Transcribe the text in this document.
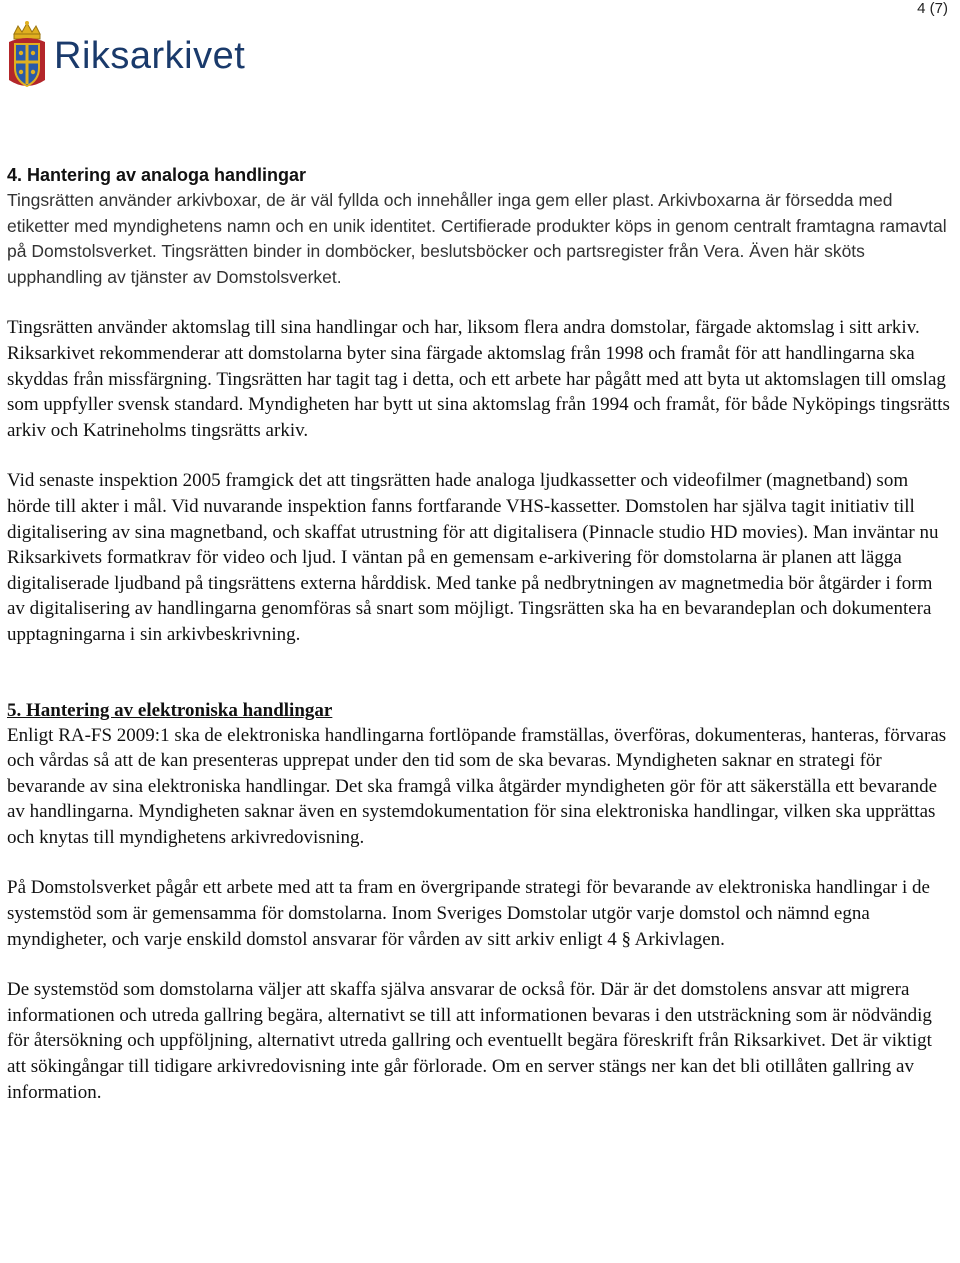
4 (7)
Riksarkivet
4. Hantering av analoga handlingar

Tingsrätten använder arkivboxar, de är väl fyllda och innehåller inga gem eller plast. Arkivboxarna är försedda med etiketter med myndighetens namn och en unik identitet. Certifierade produkter köps in genom centralt framtagna ramavtal på Domstolsverket. Tingsrätten binder in domböcker, beslutsböcker och partsregister från Vera. Även här sköts upphandling av tjänster av Domstolsverket.

Tingsrätten använder aktomslag till sina handlingar och har, liksom flera andra domstolar, färgade aktomslag i sitt arkiv. Riksarkivet rekommenderar att domstolarna byter sina färgade aktomslag från 1998 och framåt för att handlingarna ska skyddas från missfärgning. Tingsrätten har tagit tag i detta, och ett arbete har pågått med att byta ut aktomslagen till omslag som uppfyller svensk standard. Myndigheten har bytt ut sina aktomslag från 1994 och framåt, för både Nyköpings tingsrätts arkiv och Katrineholms tingsrätts arkiv.

Vid senaste inspektion 2005 framgick det att tingsrätten hade analoga ljudkassetter och videofilmer (magnetband) som hörde till akter i mål. Vid nuvarande inspektion fanns fortfarande VHS-kassetter. Domstolen har själva tagit initiativ till digitalisering av sina magnetband, och skaffat utrustning för att digitalisera (Pinnacle studio HD movies). Man inväntar nu Riksarkivets formatkrav för video och ljud. I väntan på en gemensam e-arkivering för domstolarna är planen att lägga digitaliserade ljudband på tingsrättens externa hårddisk. Med tanke på nedbrytningen av magnetmedia bör åtgärder i form av digitalisering av handlingarna genomföras så snart som möjligt. Tingsrätten ska ha en bevarandeplan och dokumentera upptagningarna i sin arkivbeskrivning.

5. Hantering av elektroniska handlingar

Enligt RA-FS 2009:1 ska de elektroniska handlingarna fortlöpande framställas, överföras, dokumenteras, hanteras, förvaras och vårdas så att de kan presenteras upprepat under den tid som de ska bevaras. Myndigheten saknar en strategi för bevarande av sina elektroniska handlingar. Det ska framgå vilka åtgärder myndigheten gör för att säkerställa ett bevarande av handlingarna. Myndigheten saknar även en systemdokumentation för sina elektroniska handlingar, vilken ska upprättas och knytas till myndighetens arkivredovisning.

På Domstolsverket pågår ett arbete med att ta fram en övergripande strategi för bevarande av elektroniska handlingar i de systemstöd som är gemensamma för domstolarna. Inom Sveriges Domstolar utgör varje domstol och nämnd egna myndigheter, och varje enskild domstol ansvarar för vården av sitt arkiv enligt 4 § Arkivlagen.

De systemstöd som domstolarna väljer att skaffa själva ansvarar de också för. Där är det domstolens ansvar att migrera informationen och utreda gallring begära, alternativt se till att informationen bevaras i den utsträckning som är nödvändig för återsökning och uppföljning, alternativt utreda gallring och eventuellt begära föreskrift från Riksarkivet. Det är viktigt att sökingångar till tidigare arkivredovisning inte går förlorade. Om en server stängs ner kan det bli otillåten gallring av information.
